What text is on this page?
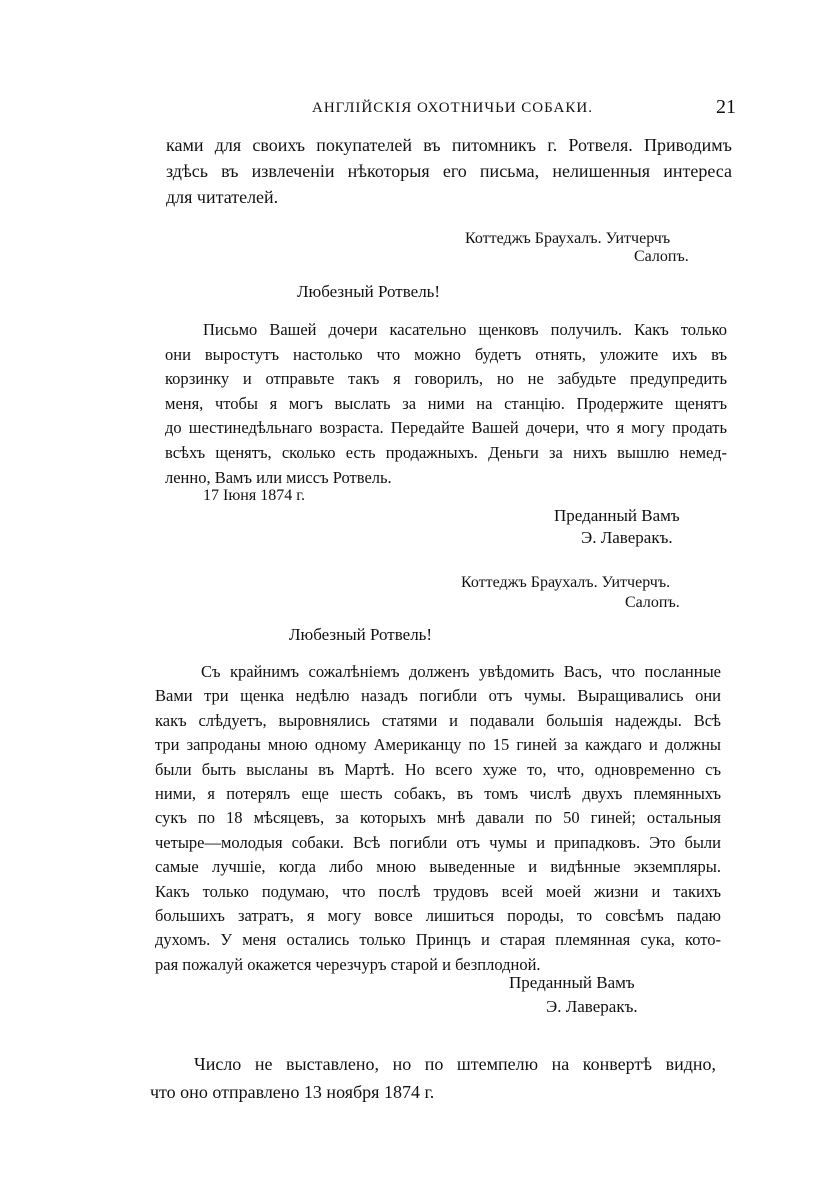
АНГЛІЙСКІЯ ОХОТНИЧЬИ СОБАКИ.	21
ками для своихъ покупателей въ питомникъ г. Ротвеля. Приводимъ
здѣсь въ извлеченіи нѣкоторыя его письма, нелишенныя интереса
для читателей.

Коттеджъ Браухалъ. Уитчерчъ

Салопъ.

Любезный Ротвель!

Письмо Вашей дочери касательно щенковъ получилъ. Какъ только
они выростутъ настолько что можно будетъ отнять, уложите ихъ въ
корзинку и отправьте такъ я говорилъ, но не забудьте предупредить
меня, чтобы я могъ выслать за ними на станцію. Продержите щенятъ
до шестинедѣльнаго возраста. Передайте Вашей дочери, что я могу продать
всѣхъ щенятъ, сколько есть продажныхъ. Деньги за нихъ вышлю немед-
ленно, Вамъ или миссъ Ротвель.

17 Іюня 1874 г.

Преданный Вамъ

Э. Лаверакъ.

Коттеджъ Браухалъ. Уитчерчъ.

Салопъ.

Любезный Ротвель!

Съ крайнимъ сожалѣніемъ долженъ увѣдомить Васъ, что посланные
Вами три щенка недѣлю назадъ погибли отъ чумы. Выращивались они
какъ слѣдуетъ, выровнялись статями и подавали большія надежды. Всѣ
три запроданы мною одному Американцу по 15 гиней за каждаго и должны
были быть высланы въ Мартѣ. Но всего хуже то, что, одновременно съ
ними, я потерялъ еще шесть собакъ, въ томъ числѣ двухъ племянныхъ
сукъ по 18 мѣсяцевъ, за которыхъ мнѣ давали по 50 гиней; остальныя
четыре—молодыя собаки. Всѣ погибли отъ чумы и припадковъ. Это были
самые лучшіе, когда либо мною выведенные и видѣнные экземпляры.
Какъ только подумаю, что послѣ трудовъ всей моей жизни и такихъ
большихъ затратъ, я могу вовсе лишиться породы, то совсѣмъ падаю
духомъ. У меня остались только Принцъ и старая племянная сука, кото-
рая пожалуй окажется черезчуръ старой и безплодной.

Преданный Вамъ

Э. Лаверакъ.

Число не выставлено, но по штемпелю на конвертѣ видно,
что оно отправлено 13 ноября 1874 г.
